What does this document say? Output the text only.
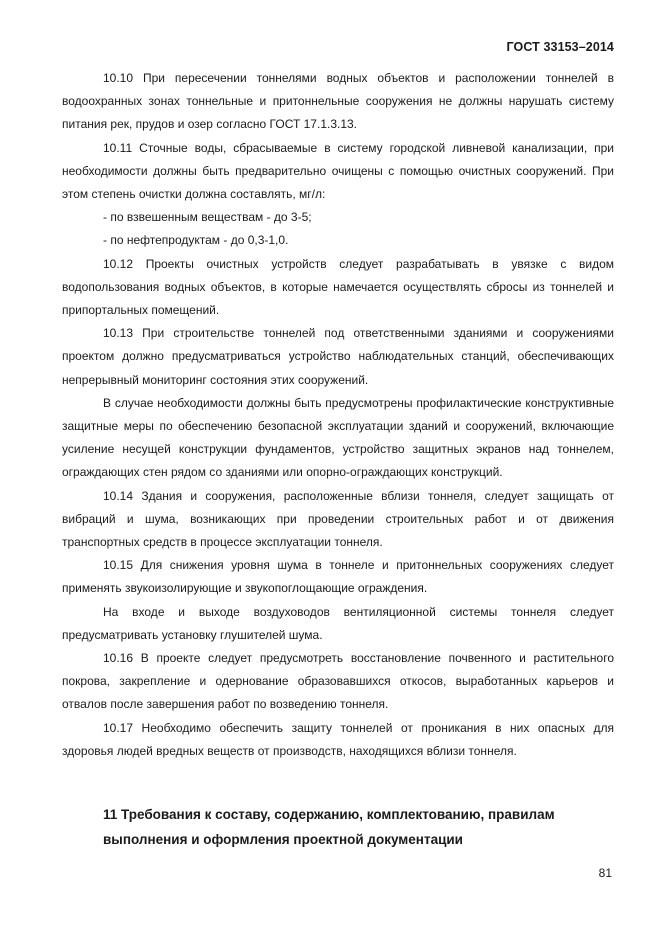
ГОСТ 33153–2014

10.10 При пересечении тоннелями водных объектов и расположении тоннелей в водоохранных зонах тоннельные и притоннельные сооружения не должны нарушать систему питания рек, прудов и озер согласно ГОСТ 17.1.3.13.

10.11 Сточные воды, сбрасываемые в систему городской ливневой канализации, при необходимости должны быть предварительно очищены с помощью очистных сооружений. При этом степень очистки должна составлять, мг/л:

- по взвешенным веществам - до 3-5;

- по нефтепродуктам - до 0,3-1,0.

10.12 Проекты очистных устройств следует разрабатывать в увязке с видом водопользования водных объектов, в которые намечается осуществлять сбросы из тоннелей и припортальных помещений.

10.13 При строительстве тоннелей под ответственными зданиями и сооружениями проектом должно предусматриваться устройство наблюдательных станций, обеспечивающих непрерывный мониторинг состояния этих сооружений.

В случае необходимости должны быть предусмотрены профилактические конструктивные защитные меры по обеспечению безопасной эксплуатации зданий и сооружений, включающие усиление несущей конструкции фундаментов, устройство защитных экранов над тоннелем, ограждающих стен рядом со зданиями или опорно-ограждающих конструкций.

10.14 Здания и сооружения, расположенные вблизи тоннеля, следует защищать от вибраций и шума, возникающих при проведении строительных работ и от движения транспортных средств в процессе эксплуатации тоннеля.

10.15 Для снижения уровня шума в тоннеле и притоннельных сооружениях следует применять звукоизолирующие и звукопоглощающие ограждения.

На входе и выходе воздуховодов вентиляционной системы тоннеля следует предусматривать установку глушителей шума.

10.16 В проекте следует предусмотреть восстановление почвенного и растительного покрова, закрепление и одернование образовавшихся откосов, выработанных карьеров и отвалов после завершения работ по возведению тоннеля.

10.17 Необходимо обеспечить защиту тоннелей от проникания в них опасных для здоровья людей вредных веществ от производств, находящихся вблизи тоннеля.

11 Требования к составу, содержанию, комплектованию, правилам выполнения и оформления проектной документации
81
